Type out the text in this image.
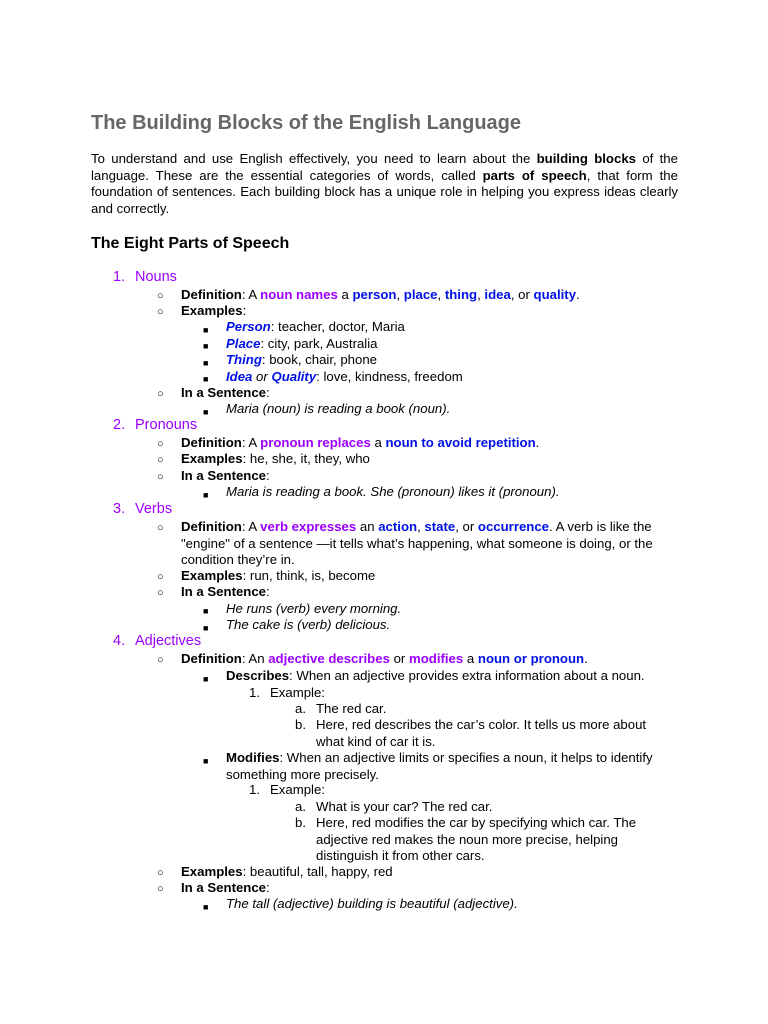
The Building Blocks of the English Language
To understand and use English effectively, you need to learn about the building blocks of the language. These are the essential categories of words, called parts of speech, that form the foundation of sentences. Each building block has a unique role in helping you express ideas clearly and correctly.
The Eight Parts of Speech
1. Nouns
○ Definition: A noun names a person, place, thing, idea, or quality.
○ Examples:
■ Person: teacher, doctor, Maria
■ Place: city, park, Australia
■ Thing: book, chair, phone
■ Idea or Quality: love, kindness, freedom
○ In a Sentence:
■ Maria (noun) is reading a book (noun).
2. Pronouns
○ Definition: A pronoun replaces a noun to avoid repetition.
○ Examples: he, she, it, they, who
○ In a Sentence:
■ Maria is reading a book. She (pronoun) likes it (pronoun).
3. Verbs
○ Definition: A verb expresses an action, state, or occurrence. A verb is like the
"engine" of a sentence —it tells what’s happening, what someone is doing, or the
condition they’re in.
○ Examples: run, think, is, become
○ In a Sentence:
■ He runs (verb) every morning.
■ The cake is (verb) delicious.
4. Adjectives
○ Definition: An adjective describes or modifies a noun or pronoun.
■ Describes: When an adjective provides extra information about a noun.
1. Example:
a. The red car.
b. Here, red describes the car’s color. It tells us more about
what kind of car it is.
■ Modifies: When an adjective limits or specifies a noun, it helps to identify
something more precisely.
1. Example:
a. What is your car? The red car.
b. Here, red modifies the car by specifying which car. The
adjective red makes the noun more precise, helping
distinguish it from other cars.
○ Examples: beautiful, tall, happy, red
○ In a Sentence:
■ The tall (adjective) building is beautiful (adjective).
